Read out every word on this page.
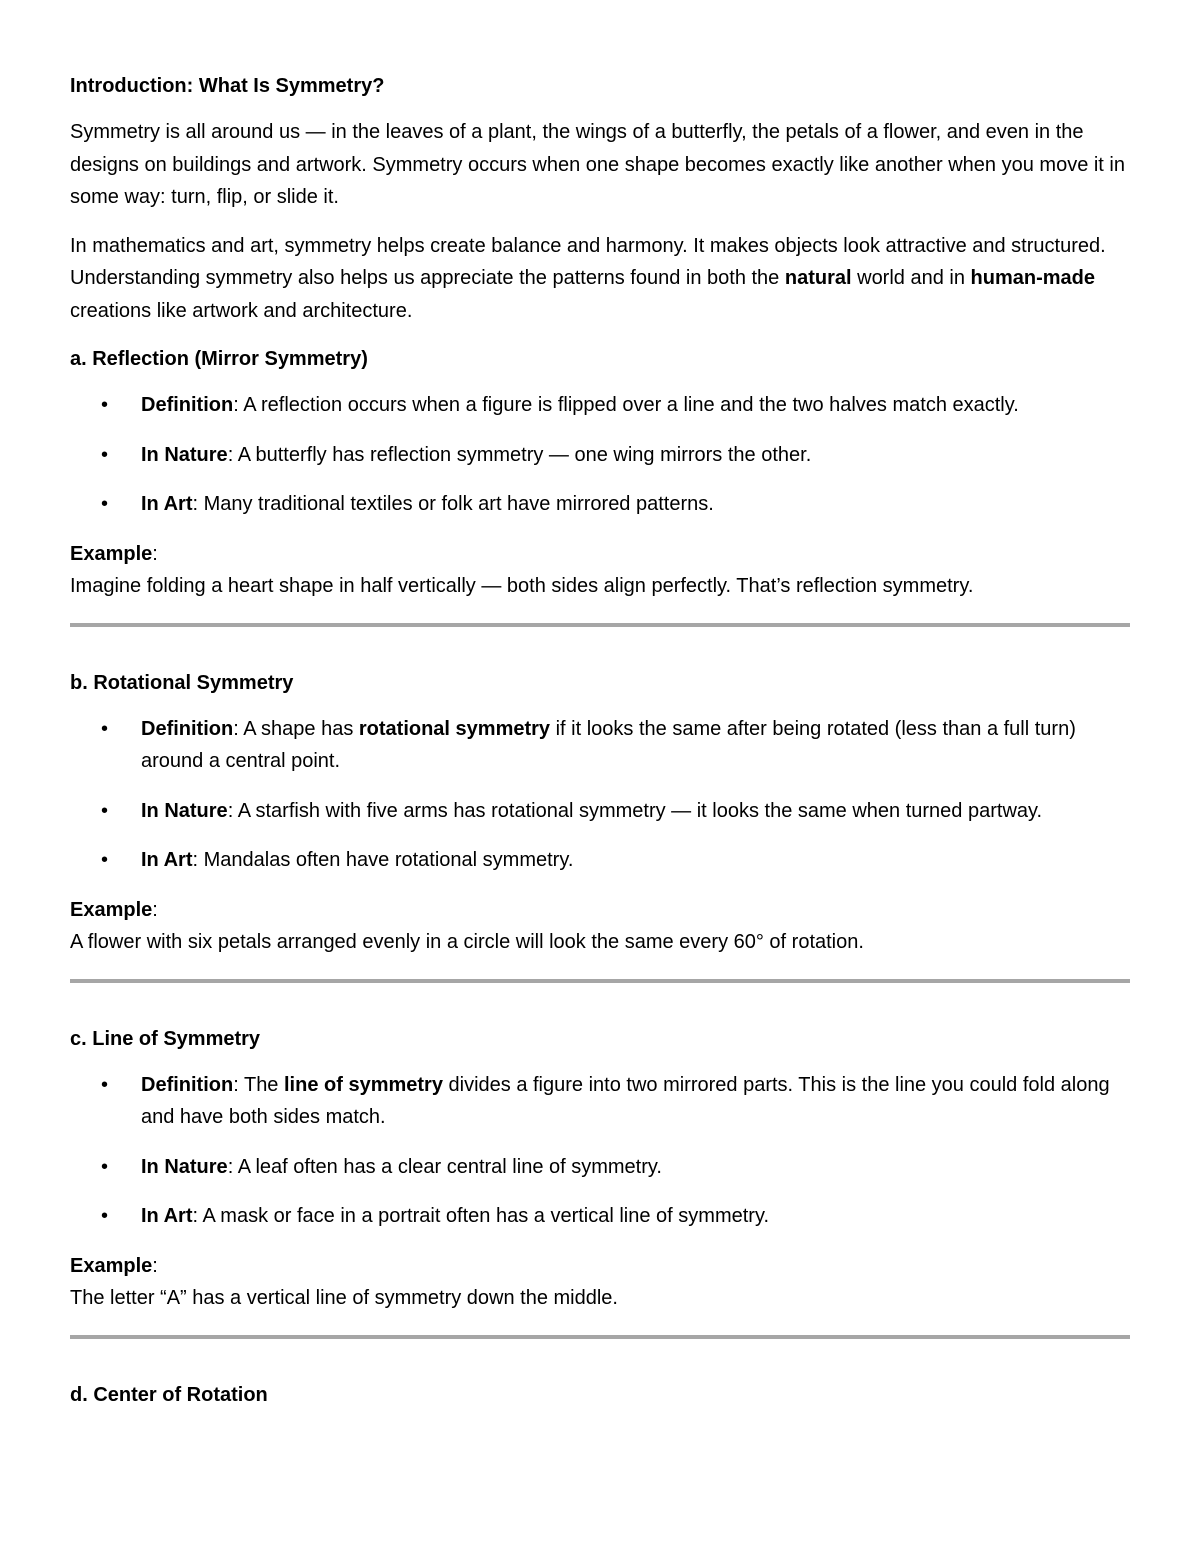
Introduction: What Is Symmetry?

Symmetry is all around us — in the leaves of a plant, the wings of a butterfly, the petals of a flower, and even in the designs on buildings and artwork. Symmetry occurs when one shape becomes exactly like another when you move it in some way: turn, flip, or slide it.

In mathematics and art, symmetry helps create balance and harmony. It makes objects look attractive and structured. Understanding symmetry also helps us appreciate the patterns found in both the natural world and in human-made creations like artwork and architecture.

a. Reflection (Mirror Symmetry)
• Definition: A reflection occurs when a figure is flipped over a line and the two halves match exactly.
• In Nature: A butterfly has reflection symmetry — one wing mirrors the other.
• In Art: Many traditional textiles or folk art have mirrored patterns.

Example:

Imagine folding a heart shape in half vertically — both sides align perfectly. That’s reflection symmetry.

b. Rotational Symmetry
• Definition: A shape has rotational symmetry if it looks the same after being rotated (less than a full turn) around a central point.
• In Nature: A starfish with five arms has rotational symmetry — it looks the same when turned partway.
• In Art: Mandalas often have rotational symmetry.

Example:

A flower with six petals arranged evenly in a circle will look the same every 60° of rotation.

c. Line of Symmetry
• Definition: The line of symmetry divides a figure into two mirrored parts. This is the line you could fold along and have both sides match.
• In Nature: A leaf often has a clear central line of symmetry.
• In Art: A mask or face in a portrait often has a vertical line of symmetry.

Example:

The letter “A” has a vertical line of symmetry down the middle.

d. Center of Rotation
